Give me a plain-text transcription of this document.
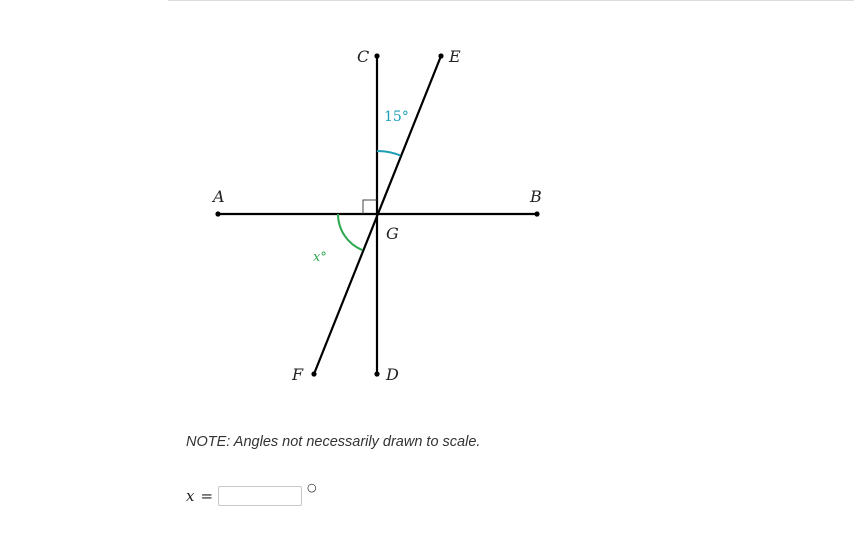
A	B
C
D
E
F
G
15°
x°
NOTE: Angles not necessarily drawn to scale.
x =	○
